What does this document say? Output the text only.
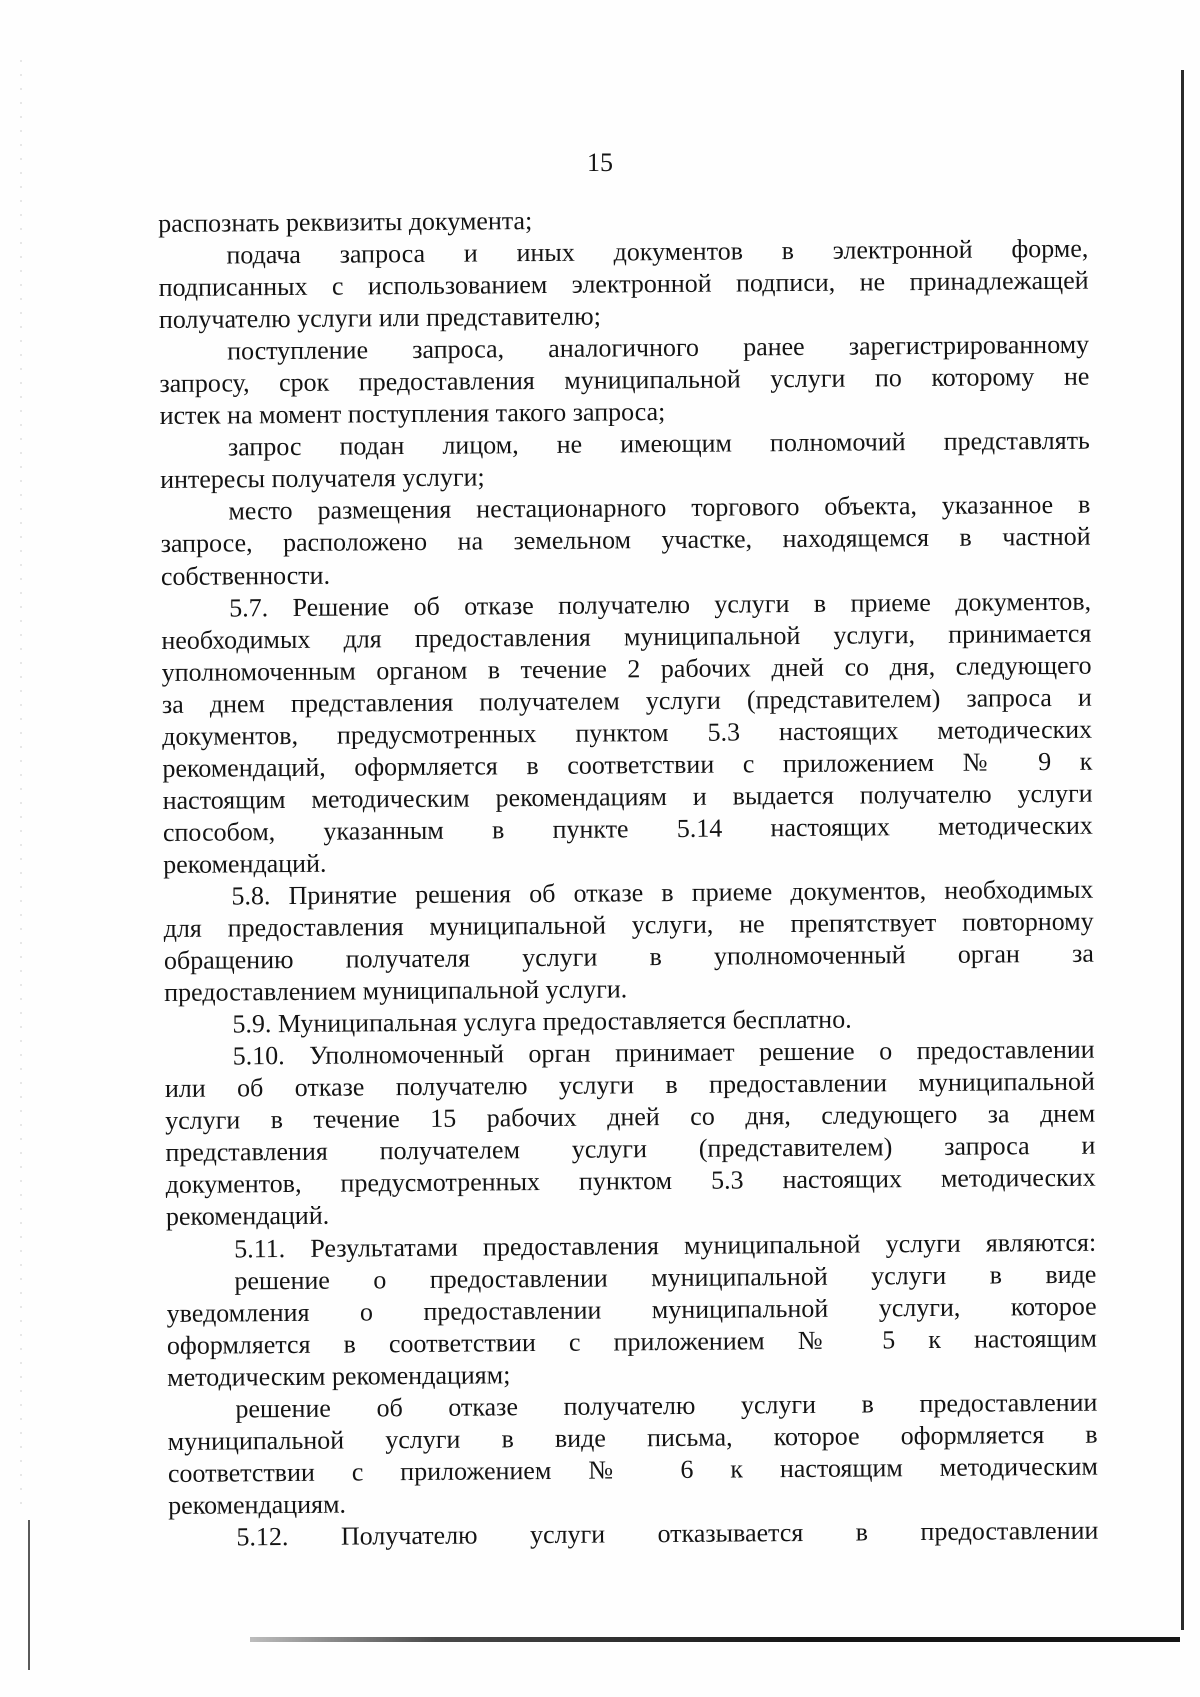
15
распознать реквизиты документа;
подача запроса и иных документов в электронной форме,
подписанных с использованием электронной подписи, не принадлежащей
получателю услуги или представителю;
поступление запроса, аналогичного ранее зарегистрированному
запросу, срок предоставления муниципальной услуги по которому не
истек на момент поступления такого запроса;
запрос подан лицом, не имеющим полномочий представлять
интересы получателя услуги;
место размещения нестационарного торгового объекта, указанное в
запросе, расположено на земельном участке, находящемся в частной
собственности.
5.7. Решение об отказе получателю услуги в приеме документов,
необходимых для предоставления муниципальной услуги, принимается
уполномоченным органом в течение 2 рабочих дней со дня, следующего
за днем представления получателем услуги (представителем) запроса и
документов, предусмотренных пунктом 5.3 настоящих методических
рекомендаций, оформляется в соответствии с приложением № 9 к
настоящим методическим рекомендациям и выдается получателю услуги
способом, указанным в пункте 5.14 настоящих методических
рекомендаций.
5.8. Принятие решения об отказе в приеме документов, необходимых
для предоставления муниципальной услуги, не препятствует повторному
обращению получателя услуги в уполномоченный орган за
предоставлением муниципальной услуги.
5.9. Муниципальная услуга предоставляется бесплатно.
5.10. Уполномоченный орган принимает решение о предоставлении
или об отказе получателю услуги в предоставлении муниципальной
услуги в течение 15 рабочих дней со дня, следующего за днем
представления получателем услуги (представителем) запроса и
документов, предусмотренных пунктом 5.3 настоящих методических
рекомендаций.
5.11. Результатами предоставления муниципальной услуги являются:
решение о предоставлении муниципальной услуги в виде
уведомления о предоставлении муниципальной услуги, которое
оформляется в соответствии с приложением № 5 к настоящим
методическим рекомендациям;
решение об отказе получателю услуги в предоставлении
муниципальной услуги в виде письма, которое оформляется в
соответствии с приложением № 6 к настоящим методическим
рекомендациям.
5.12. Получателю услуги отказывается в предоставлении
